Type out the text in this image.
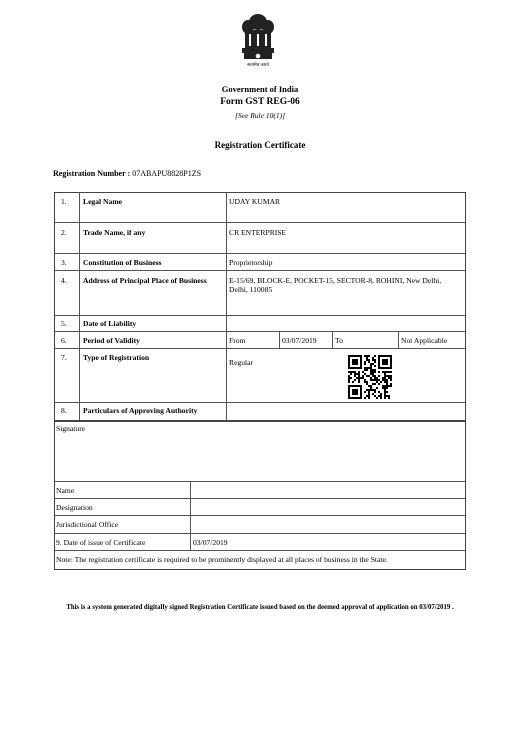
सत्यमेव जयते
Government of India
Form GST REG-06
[See Rule 10(1)]
Registration Certificate
Registration Number : 07ABAPU8828P1ZS
1. Legal Name	UDAY KUMAR
2. Trade Name, if any	CR ENTERPRISE
3. Constitution of Business	Proprietorship
4. Address of Principal Place of Business	E-15/69, BLOCK-E, POCKET-15, SECTOR-8, ROHINI, New Delhi, Delhi, 110085
5. Date of Liability
6. Period of Validity	From	03/07/2019 To	Not Applicable
7. Type of Registration
Regular
8. Particulars of Approving Authority
Signature
Name
Designation
Jurisdictional Office
9. Date of issue of Certificate	03/07/2019
Note: The registration certificate is required to be prominently displayed at all places of business in the State.
This is a system generated digitally signed Registration Certificate issued based on the deemed approval of application on 03/07/2019 .
